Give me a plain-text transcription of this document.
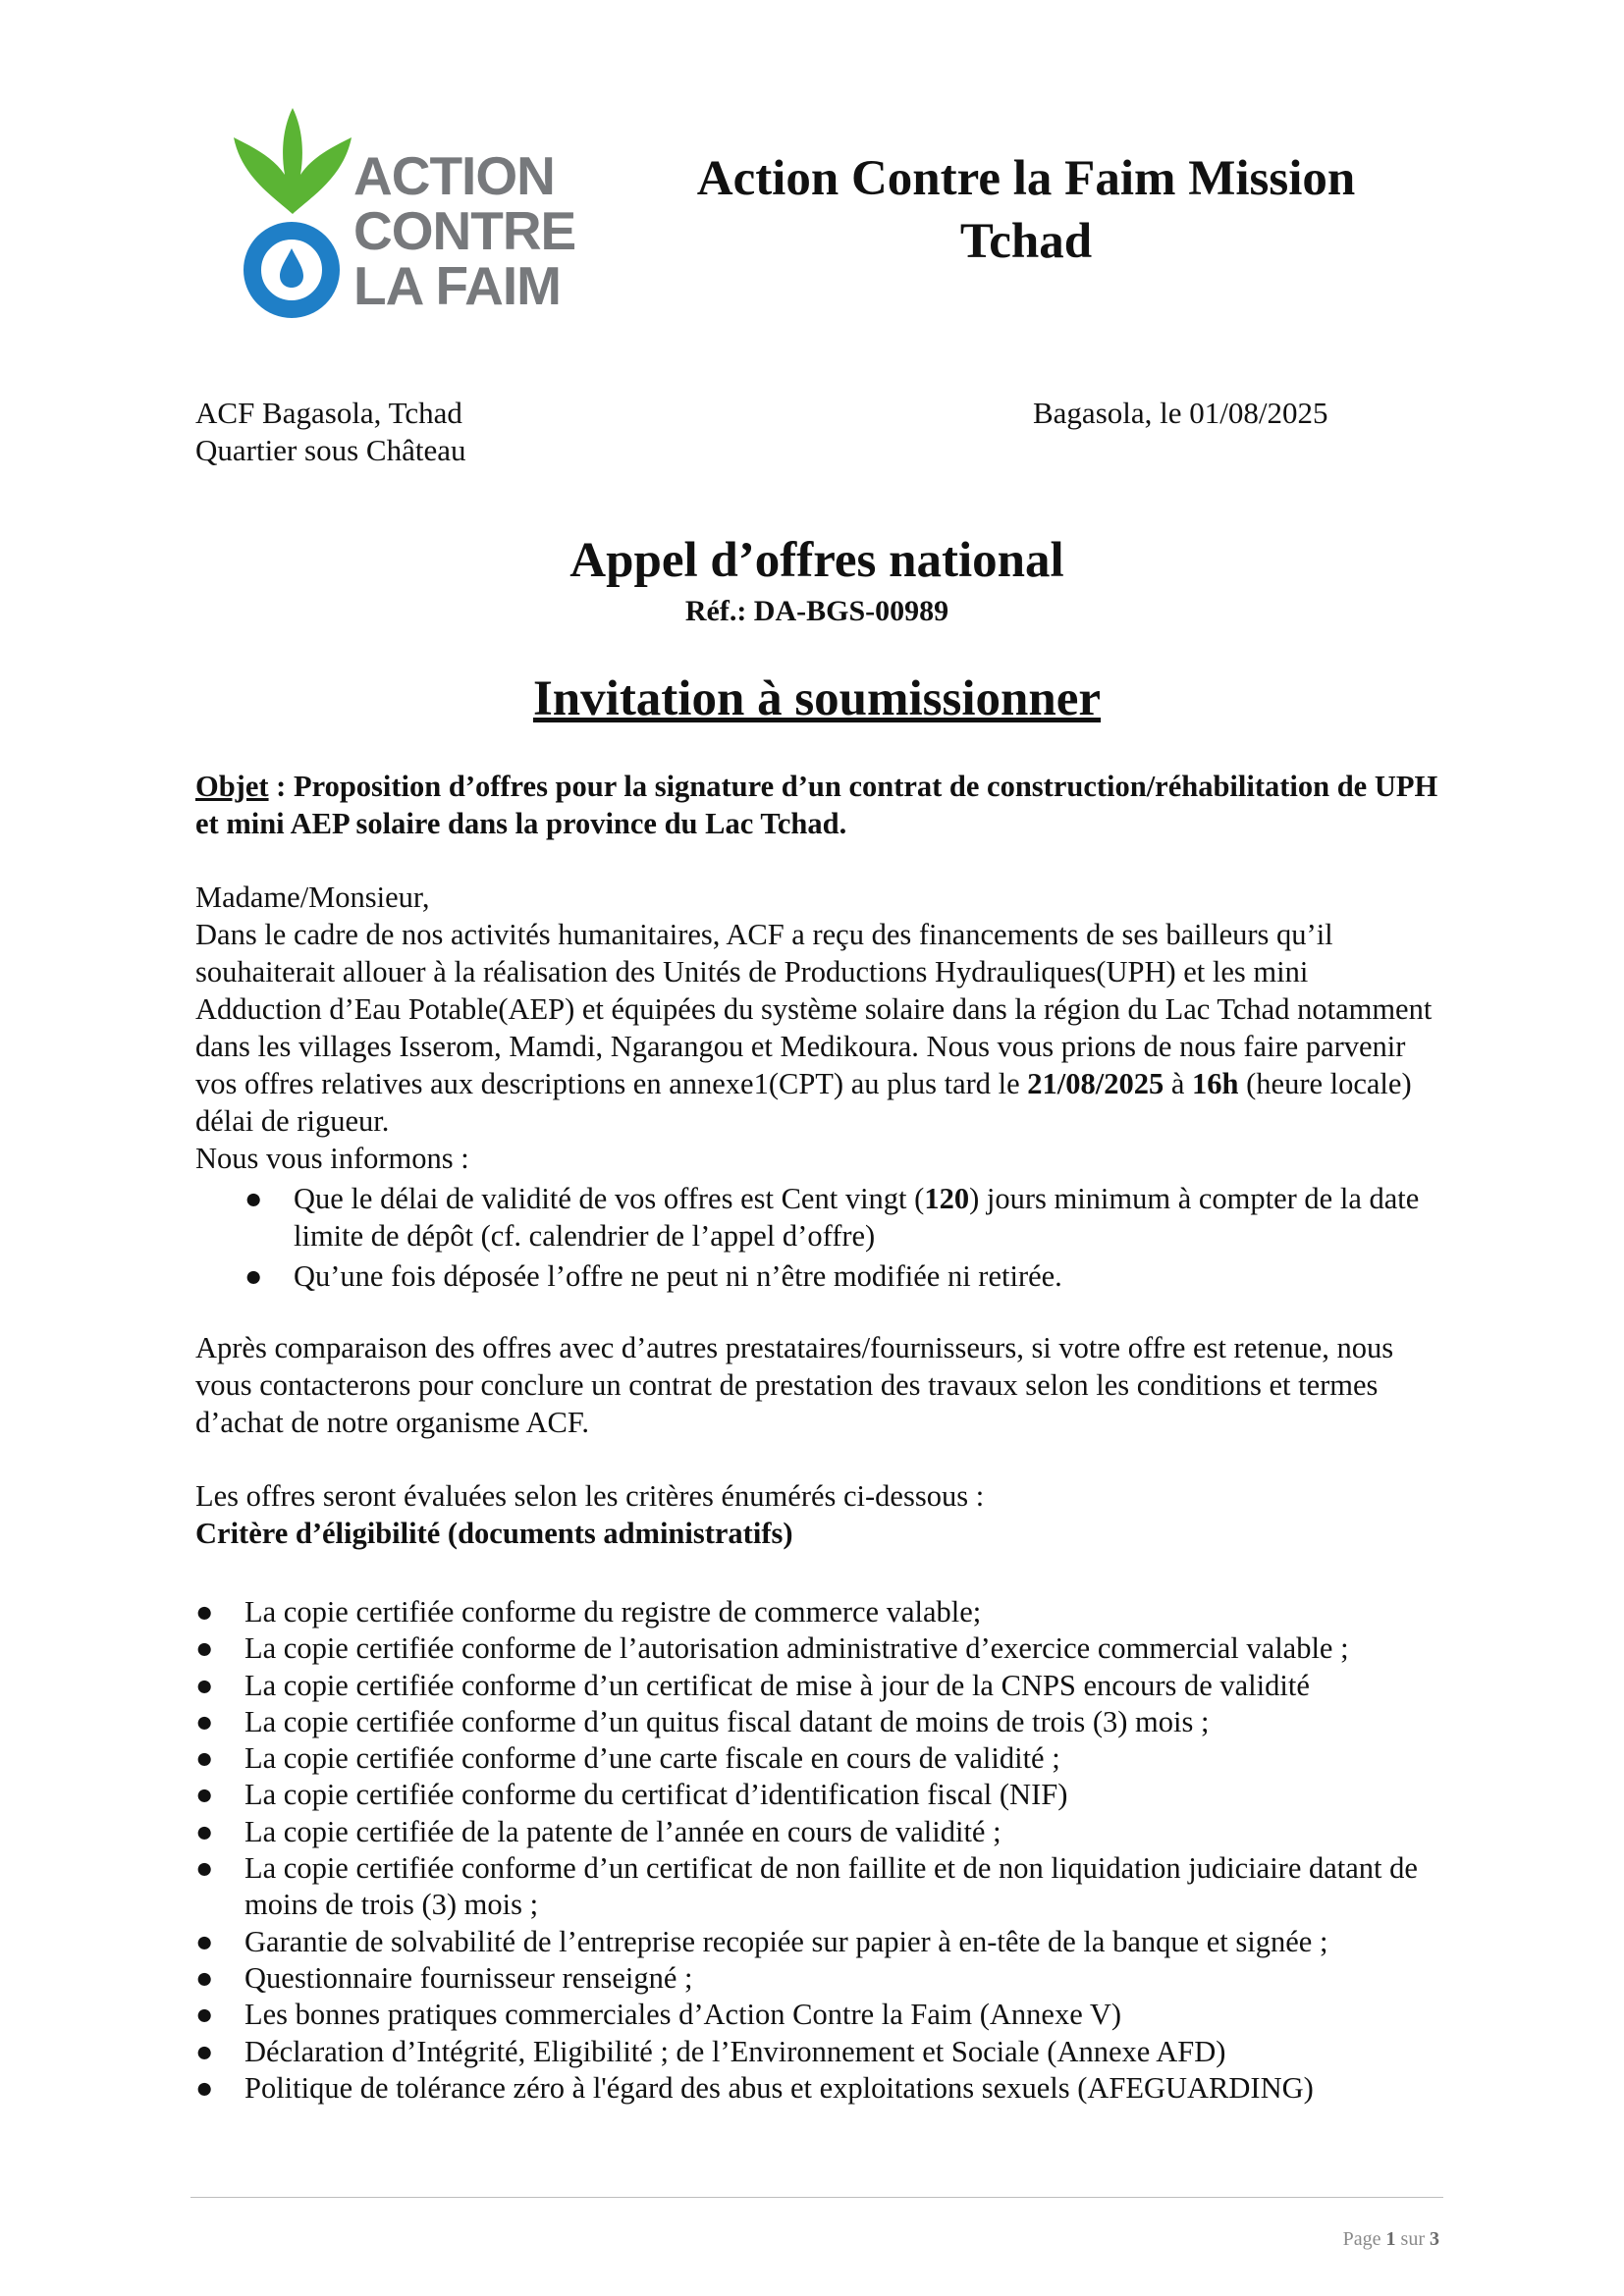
ACTION
CONTRE
LA FAIM
Action Contre la Faim Mission
Tchad
ACF Bagasola, Tchad
Quartier sous Château
Bagasola, le 01/08/2025
Appel d’offres national
Réf.: DA-BGS-00989
Invitation à soumissionner
Objet : Proposition d’offres pour la signature d’un contrat de construction/réhabilitation de UPH et mini AEP solaire dans la province du Lac Tchad.

Madame/Monsieur,

Dans le cadre de nos activités humanitaires, ACF a reçu des financements de ses bailleurs qu’il souhaiterait allouer à la réalisation des Unités de Productions Hydrauliques(UPH) et les mini Adduction d’Eau Potable(AEP) et équipées du système solaire dans la région du Lac Tchad notamment dans les villages Isserom, Mamdi, Ngarangou et Medikoura. Nous vous prions de nous faire parvenir vos offres relatives aux descriptions en annexe1(CPT) au plus tard le 21/08/2025 à 16h (heure locale) délai de rigueur.

Nous vous informons :

● Que le délai de validité de vos offres est Cent vingt (120) jours minimum à compter de la date limite de dépôt (cf. calendrier de l’appel d’offre)
● Qu’une fois déposée l’offre ne peut ni n’être modifiée ni retirée.
Après comparaison des offres avec d’autres prestataires/fournisseurs, si votre offre est retenue, nous vous contacterons pour conclure un contrat de prestation des travaux selon les conditions et termes d’achat de notre organisme ACF.

Les offres seront évaluées selon les critères énumérés ci-dessous :

Critère d’éligibilité (documents administratifs)

● La copie certifiée conforme du registre de commerce valable;
● La copie certifiée conforme de l’autorisation administrative d’exercice commercial valable ;
● La copie certifiée conforme d’un certificat de mise à jour de la CNPS encours de validité
● La copie certifiée conforme d’un quitus fiscal datant de moins de trois (3) mois ;
● La copie certifiée conforme d’une carte fiscale en cours de validité ;
● La copie certifiée conforme du certificat d’identification fiscal (NIF)
● La copie certifiée de la patente de l’année en cours de validité ;
● La copie certifiée conforme d’un certificat de non faillite et de non liquidation judiciaire datant de moins de trois (3) mois ;
● Garantie de solvabilité de l’entreprise recopiée sur papier à en-tête de la banque et signée ;
● Questionnaire fournisseur renseigné ;
● Les bonnes pratiques commerciales d’Action Contre la Faim (Annexe V)
● Déclaration d’Intégrité, Eligibilité ; de l’Environnement et Sociale (Annexe AFD)
● Politique de tolérance zéro à l'égard des abus et exploitations sexuels (AFEGUARDING)
Page 1 sur 3
